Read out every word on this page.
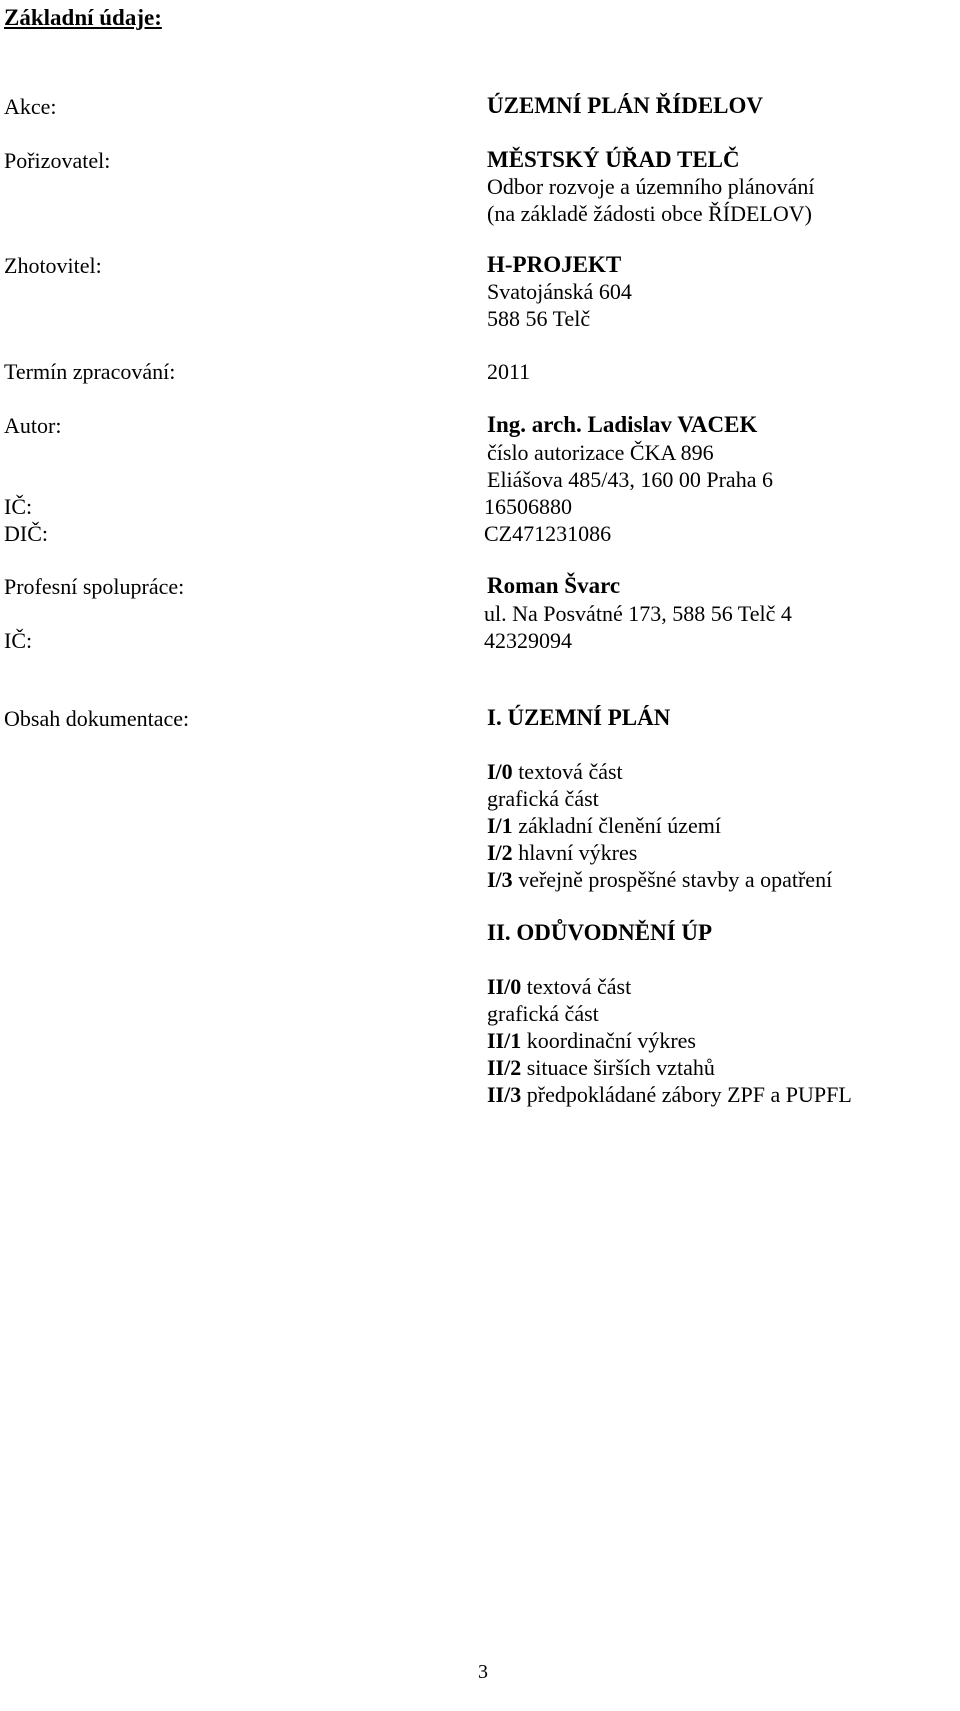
Základní údaje:
Akce:	ÚZEMNÍ PLÁN ŘÍDELOV
Pořizovatel:	MĚSTSKÝ ÚŘAD TELČ
Odbor rozvoje a územního plánování
(na základě žádosti obce ŘÍDELOV)
Zhotovitel:	H-PROJEKT
Svatojánská 604
588 56 Telč
Termín zpracování:	2011
Autor:	Ing. arch. Ladislav VACEK
číslo autorizace ČKA 896
Eliášova 485/43, 160 00 Praha 6
IČ:	16506880
DIČ:	CZ471231086
Profesní spolupráce:	Roman Švarc
ul. Na Posvátné 173, 588 56 Telč 4
IČ:	42329094
Obsah dokumentace:	I. ÚZEMNÍ PLÁN
I/0 textová část
grafická část
I/1 základní členění území
I/2 hlavní výkres
I/3 veřejně prospěšné stavby a opatření
II. ODŮVODNĚNÍ ÚP
II/0 textová část
grafická část
II/1 koordinační výkres
II/2 situace širších vztahů
II/3 předpokládané zábory ZPF a PUPFL
3
